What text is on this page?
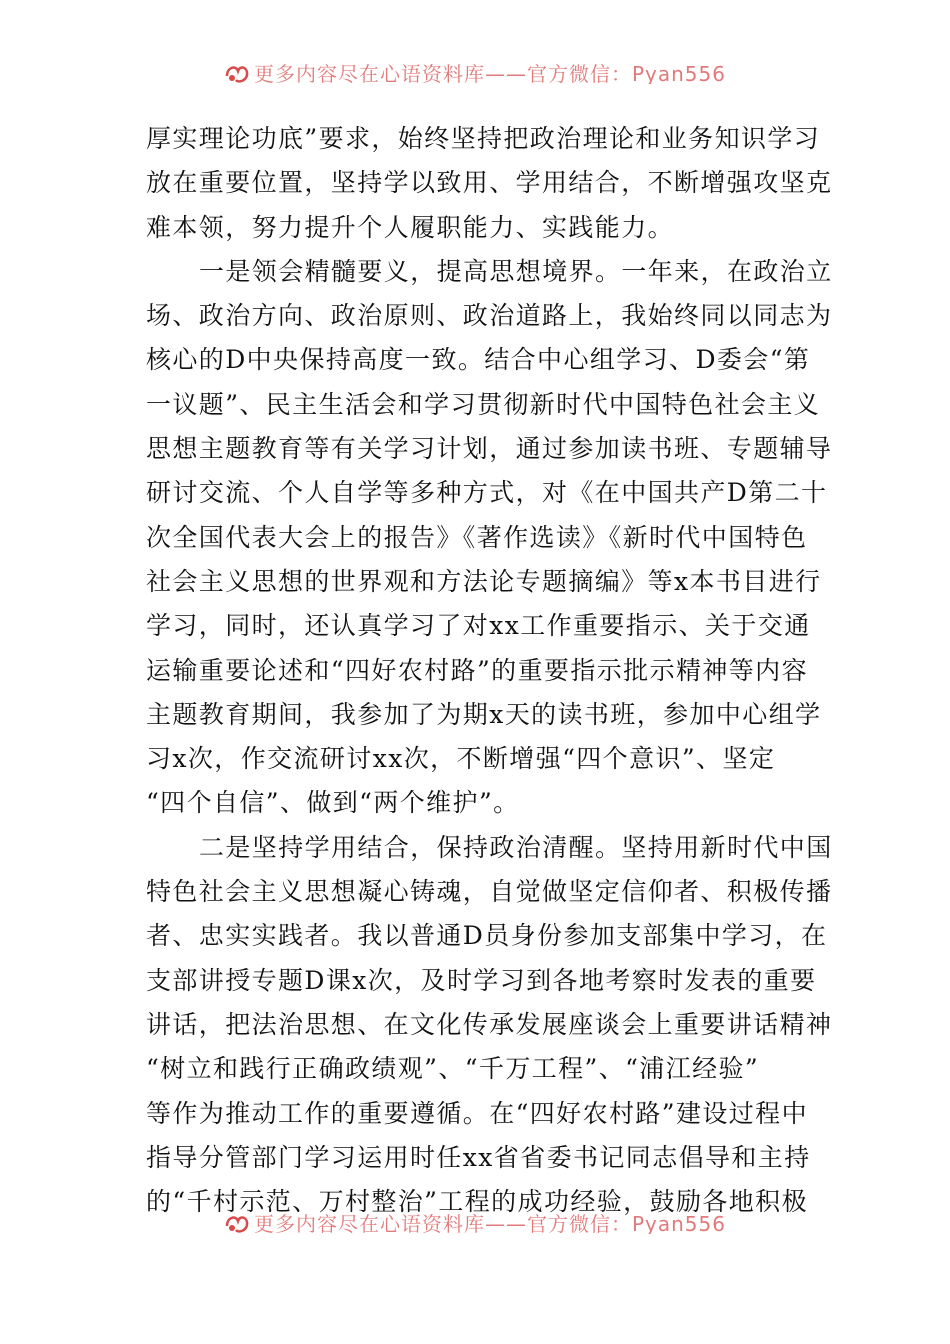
更多内容尽在心语资料库——官方微信：Pyan556

厚实理论功底”要求，始终坚持把政治理论和业务知识学习
放在重要位置，坚持学以致用、学用结合，不断增强攻坚克
难本领，努力提升个人履职能力、实践能力。

一是领会精髓要义，提高思想境界。一年来，在政治立
场、政治方向、政治原则、政治道路上，我始终同以同志为
核心的D中央保持高度一致。结合中心组学习、D委会“第
一议题”、民主生活会和学习贯彻新时代中国特色社会主义
思想主题教育等有关学习计划，通过参加读书班、专题辅导
研讨交流、个人自学等多种方式，对《在中国共产D第二十
次全国代表大会上的报告》《著作选读》《新时代中国特色
社会主义思想的世界观和方法论专题摘编》等x本书目进行
学习，同时，还认真学习了对xx工作重要指示、关于交通
运输重要论述和“四好农村路”的重要指示批示精神等内容
主题教育期间，我参加了为期x天的读书班，参加中心组学
习x次，作交流研讨xx次，不断增强“四个意识”、坚定
“四个自信”、做到“两个维护”。

二是坚持学用结合，保持政治清醒。坚持用新时代中国
特色社会主义思想凝心铸魂，自觉做坚定信仰者、积极传播
者、忠实实践者。我以普通D员身份参加支部集中学习，在
支部讲授专题D课x次，及时学习到各地考察时发表的重要
讲话，把法治思想、在文化传承发展座谈会上重要讲话精神
“树立和践行正确政绩观”、“千万工程”、“浦江经验”
等作为推动工作的重要遵循。在“四好农村路”建设过程中
指导分管部门学习运用时任xx省省委书记同志倡导和主持
的“千村示范、万村整治”工程的成功经验，鼓励各地积极

更多内容尽在心语资料库——官方微信：Pyan556
